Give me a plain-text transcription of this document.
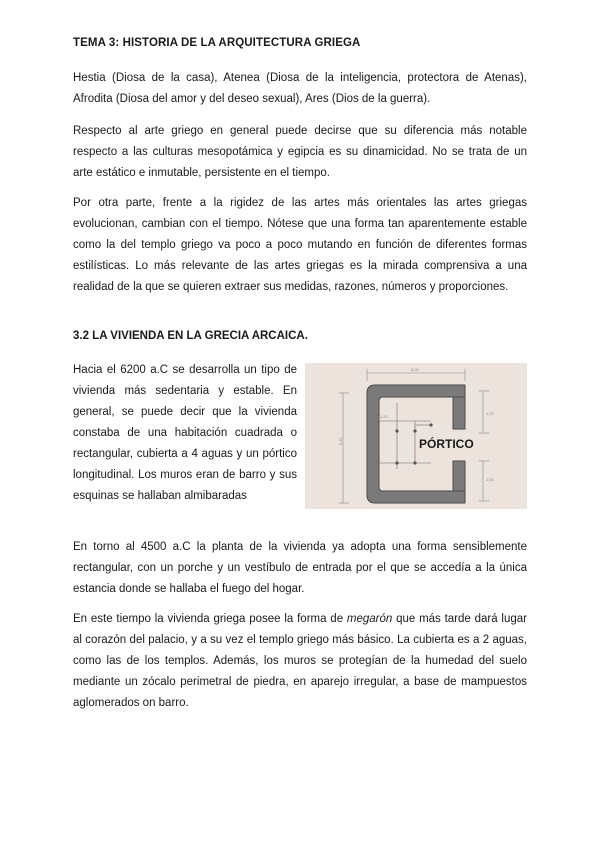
TEMA 3: HISTORIA DE LA ARQUITECTURA GRIEGA

Hestia (Diosa de la casa), Atenea (Diosa de la inteligencia, protectora de Atenas), Afrodita (Diosa del amor y del deseo sexual), Ares (Dios de la guerra).

Respecto al arte griego en general puede decirse que su diferencia más notable respecto a las culturas mesopotámica y egipcia es su dinamicidad. No se trata de un arte estático e inmutable, persistente en el tiempo.

Por otra parte, frente a la rigidez de las artes más orientales las artes griegas evolucionan, cambian con el tiempo. Nótese que una forma tan aparentemente estable como la del templo griego va poco a poco mutando en función de diferentes formas estilísticas. Lo más relevante de las artes griegas es la mirada comprensiva a una realidad de la que se quieren extraer sus medidas, razones, números y proporciones.

3.2 LA VIVIENDA EN LA GRECIA ARCAICA.

Hacia el 6200 a.C se desarrolla un tipo de vivienda más sedentaria y estable. En general, se puede decir que la vivienda constaba de una habitación cuadrada o rectangular, cubierta a 4 aguas y un pórtico longitudinal. Los muros eran de barro y sus esquinas se hallaban almibaradas

En torno al 4500 a.C la planta de la vivienda ya adopta una forma sensiblemente rectangular, con un porche y un vestíbulo de entrada por el que se accedía a la única estancia donde se hallaba el fuego del hogar.

En este tiempo la vivienda griega posee la forma de megarón que más tarde dará lugar al corazón del palacio, y a su vez el templo griego más básico. La cubierta es a 2 aguas, como las de los templos. Además, los muros se protegían de la humedad del suelo mediante un zócalo perimetral de piedra, en aparejo irregular, a base de mampuestos aglomerados on barro.

6,00
5,70
1,75
1,65
1,20
PÓRTICO
